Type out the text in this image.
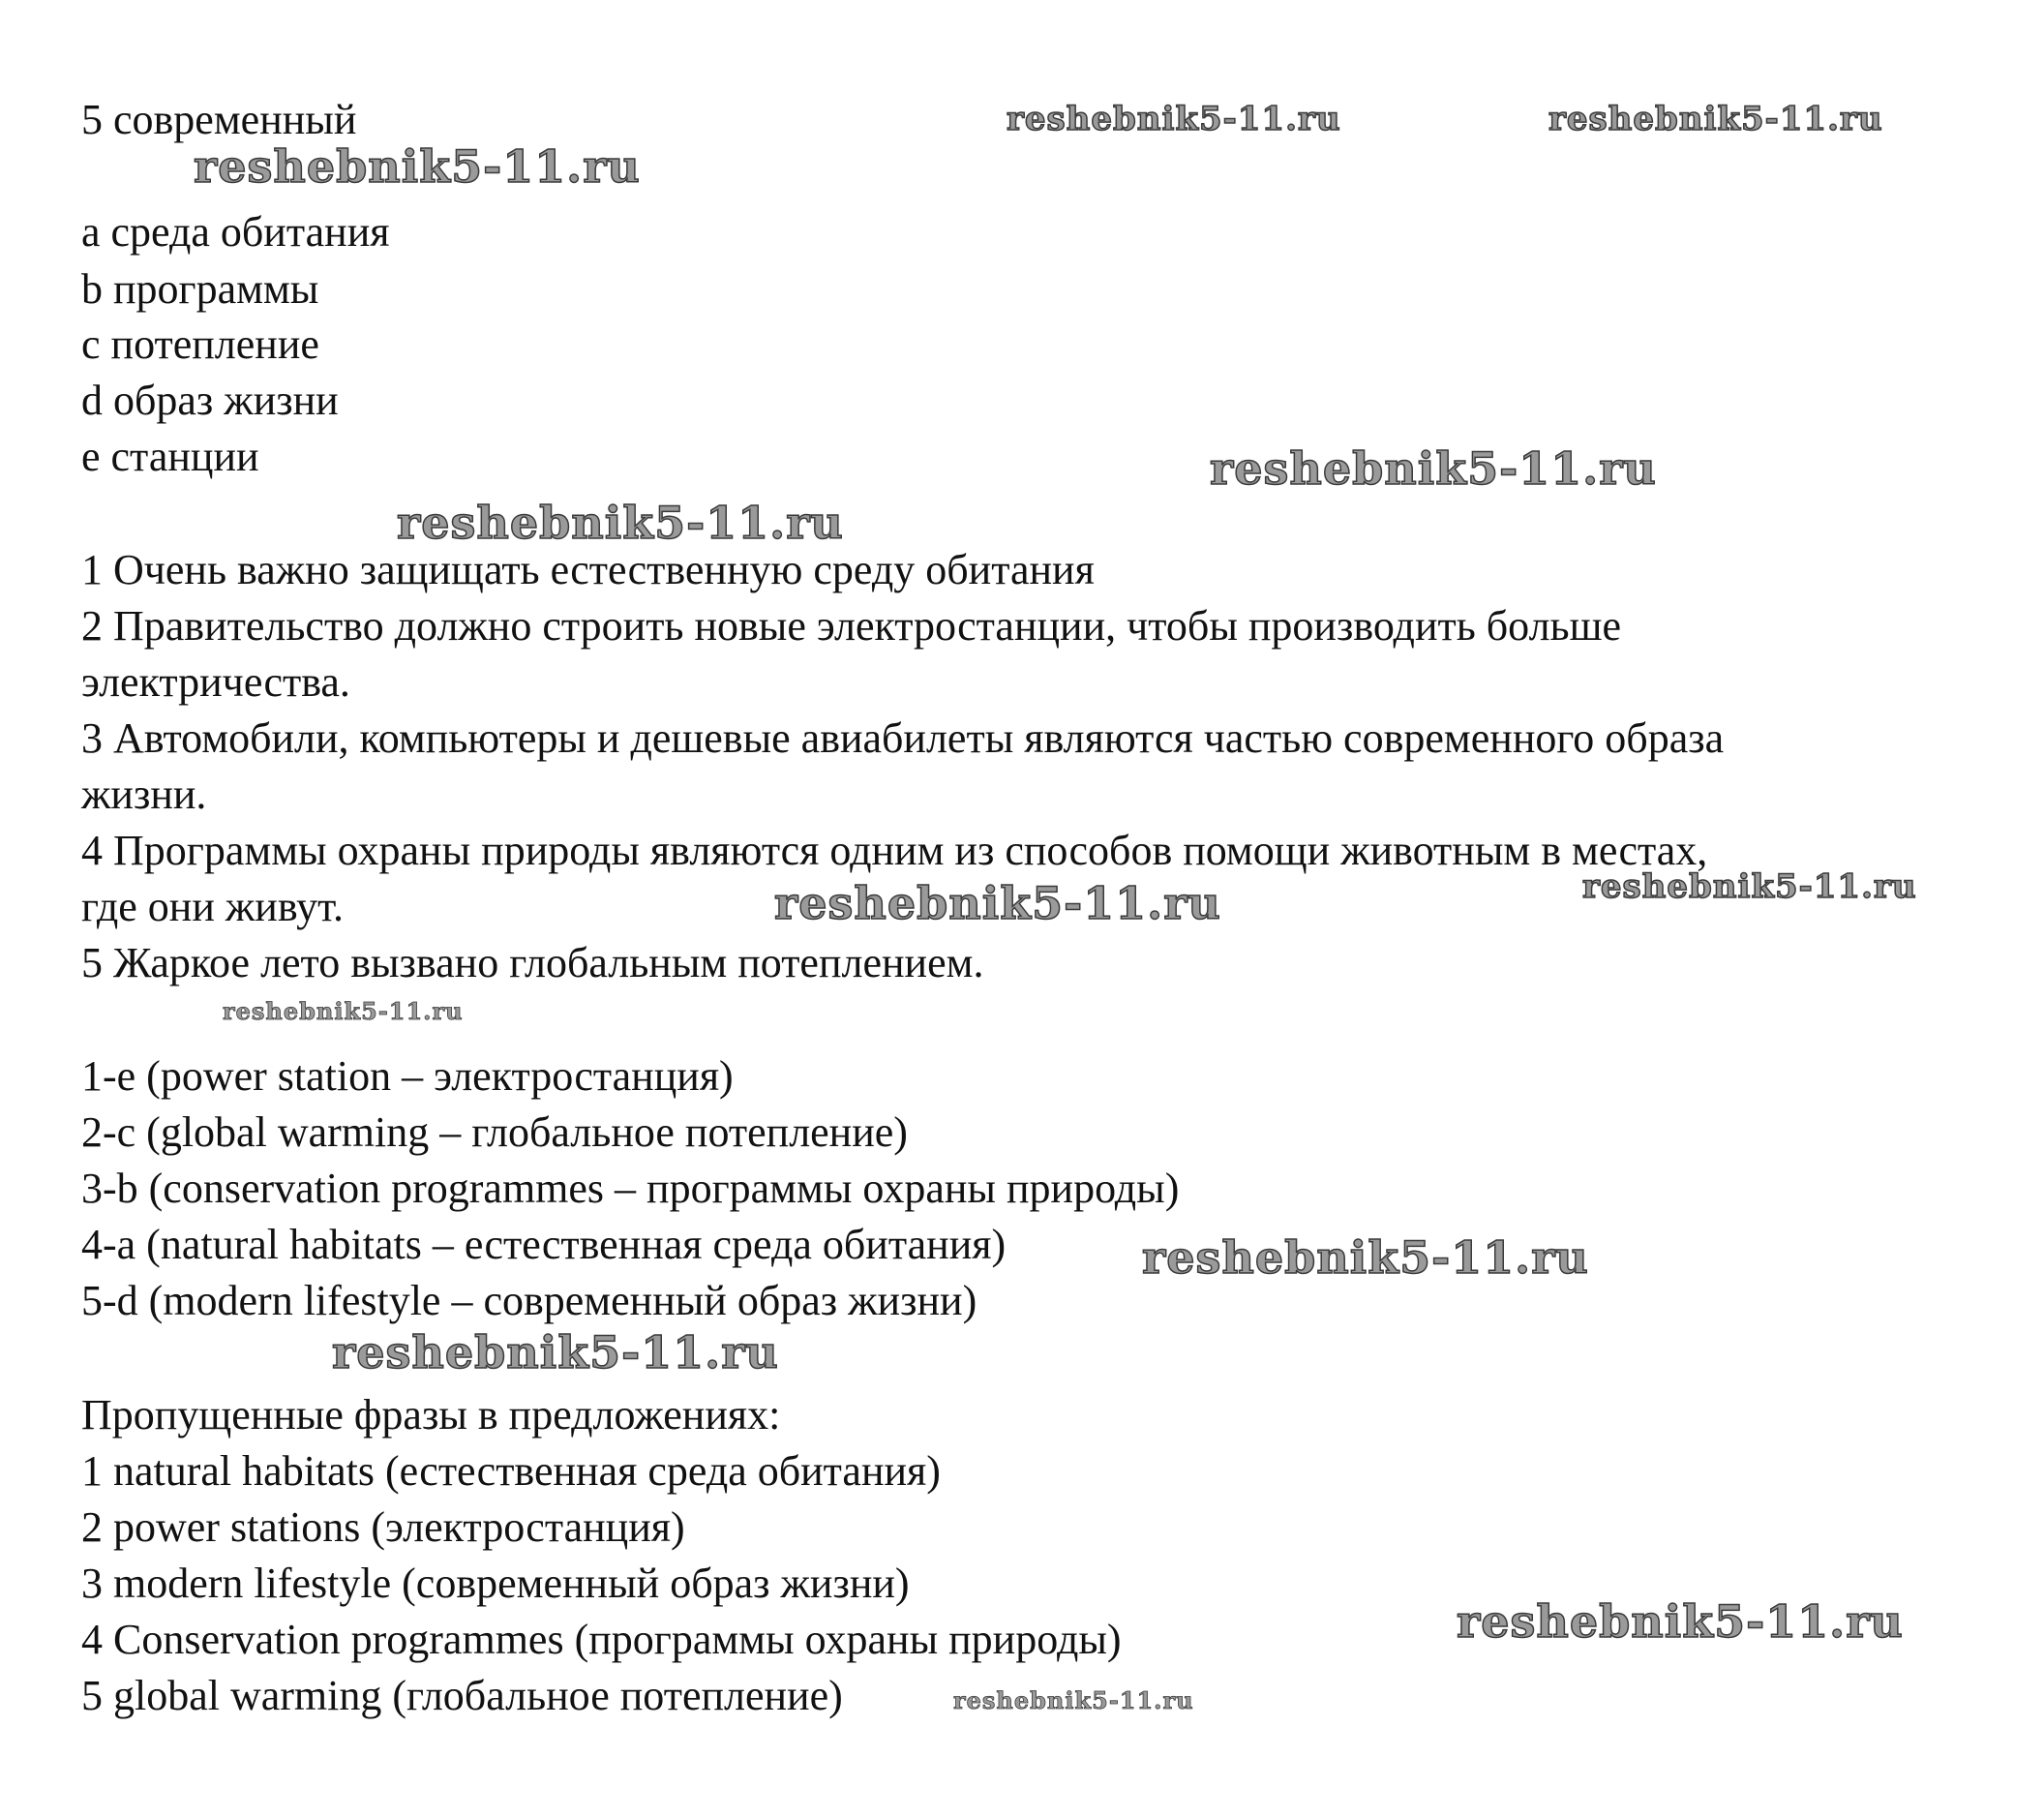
5 современный
a среда обитания
b программы
c потепление
d образ жизни
e станции
1 Очень важно защищать естественную среду обитания
2 Правительство должно строить новые электростанции, чтобы производить больше
электричества.
3 Автомобили, компьютеры и дешевые авиабилеты являются частью современного образа
жизни.
4 Программы охраны природы являются одним из способов помощи животным в местах,
где они живут.
5 Жаркое лето вызвано глобальным потеплением.
1-e (power station – электростанция)
2-c (global warming – глобальное потепление)
3-b (conservation programmes – программы охраны природы)
4-a (natural habitats – естественная среда обитания)
5-d (modern lifestyle – современный образ жизни)
Пропущенные фразы в предложениях:
1 natural habitats (естественная среда обитания)
2 power stations (электростанция)
3 modern lifestyle (современный образ жизни)
4 Conservation programmes (программы охраны природы)
5 global warming (глобальное потепление)
reshebnik5-11.ru	reshebnik5-11.ru
reshebnik5-11.ru
reshebnik5-11.ru
reshebnik5-11.ru
reshebnik5-11.ru	reshebnik5-11.ru
reshebnik5-11.ru
reshebnik5-11.ru
reshebnik5-11.ru
reshebnik5-11.ru
reshebnik5-11.ru
